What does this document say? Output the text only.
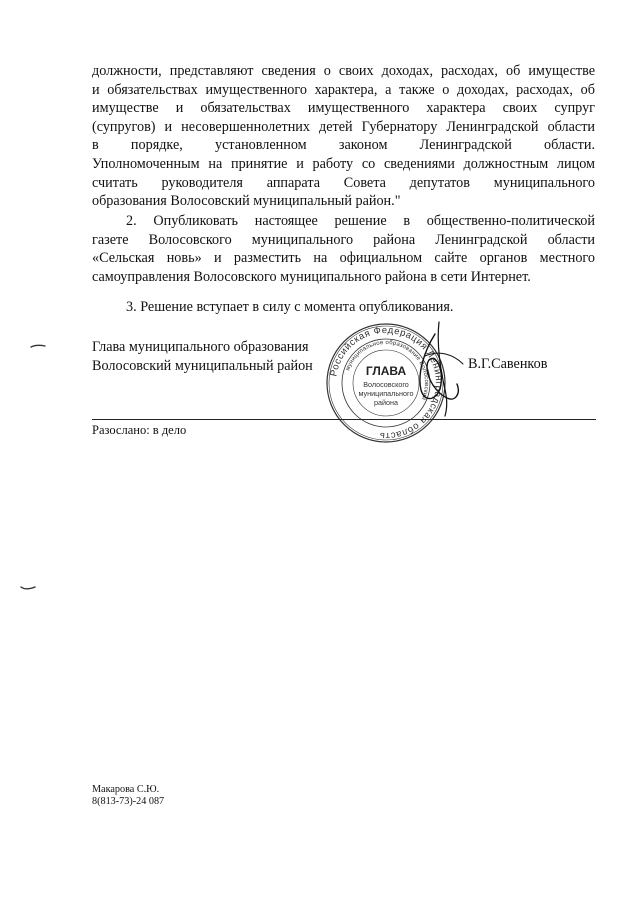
должности, представляют сведения о своих доходах, расходах, об имуществе
и обязательствах имущественного характера, а также о доходах, расходах, об
имуществе и обязательствах имущественного характера своих супруг
(супругов) и несовершеннолетних детей Губернатору Ленинградской области
в порядке, установленном законом Ленинградской области.
Уполномоченным на принятие и работу со сведениями должностным лицом
считать руководителя аппарата Совета депутатов муниципального
образования Волосовский муниципальный район."
2. Опубликовать настоящее решение в общественно-политической
газете Волосовского муниципального района Ленинградской области
«Сельская новь» и разместить на официальном сайте органов местного
самоуправления Волосовского муниципального района в сети Интернет.
3. Решение вступает в силу с момента опубликования.
Глава муниципального образования
Волосовский муниципальный район	В.Г.Савенков
Российская Федерация Ленинградская область
муниципальное образование Волосовский
ГЛАВА
Волосовского
муниципального
района
Разослано: в дело
Макарова С.Ю.
8(813-73)-24 087
